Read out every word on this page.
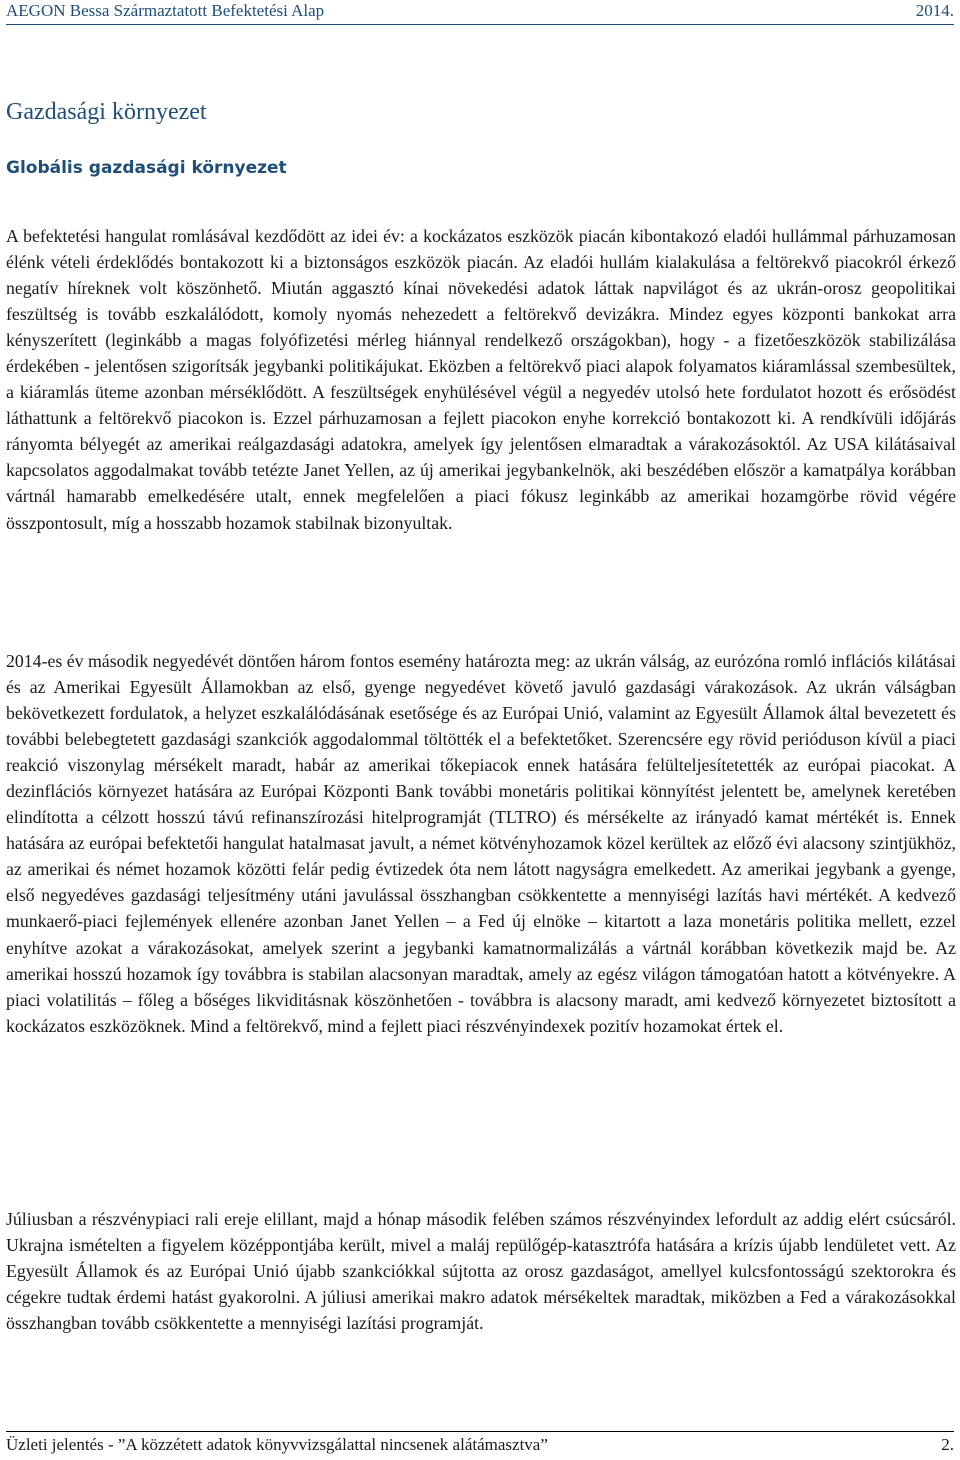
AEGON Bessa Származtatott Befektetési Alap	2014.
Gazdasági környezet
Globális gazdasági környezet

A befektetési hangulat romlásával kezdődött az idei év: a kockázatos eszközök piacán kibontakozó eladói hullámmal párhuzamosan élénk vételi érdeklődés bontakozott ki a biztonságos eszközök piacán. Az eladói hullám kialakulása a feltörekvő piacokról érkező negatív híreknek volt köszönhető. Miután aggasztó kínai növekedési adatok láttak napvilágot és az ukrán-orosz geopolitikai feszültség is tovább eszkalálódott, komoly nyomás nehezedett a feltörekvő devizákra. Mindez egyes központi bankokat arra kényszerített (leginkább a magas folyófizetési mérleg hiánnyal rendelkező országokban), hogy - a fizetőeszközök stabilizálása érdekében - jelentősen szigorítsák jegybanki politikájukat. Eközben a feltörekvő piaci alapok folyamatos kiáramlással szembesültek, a kiáramlás üteme azonban mérséklődött. A feszültségek enyhülésével végül a negyedév utolsó hete fordulatot hozott és erősödést láthattunk a feltörekvő piacokon is. Ezzel párhuzamosan a fejlett piacokon enyhe korrekció bontakozott ki. A rendkívüli időjárás rányomta bélyegét az amerikai reálgazdasági adatokra, amelyek így jelentősen elmaradtak a várakozásoktól. Az USA kilátásaival kapcsolatos aggodalmakat tovább tetézte Janet Yellen, az új amerikai jegybankelnök, aki beszédében először a kamatpálya korábban vártnál hamarabb emelkedésére utalt, ennek megfelelően a piaci fókusz leginkább az amerikai hozamgörbe rövid végére összpontosult, míg a hosszabb hozamok stabilnak bizonyultak.

2014-es év második negyedévét döntően három fontos esemény határozta meg: az ukrán válság, az eurózóna romló inflációs kilátásai és az Amerikai Egyesült Államokban az első, gyenge negyedévet követő javuló gazdasági várakozások. Az ukrán válságban bekövetkezett fordulatok, a helyzet eszkalálódásának esetősége és az Európai Unió, valamint az Egyesült Államok által bevezetett és további belebegtetett gazdasági szankciók aggodalommal töltötték el a befektetőket. Szerencsére egy rövid perióduson kívül a piaci reakció viszonylag mérsékelt maradt, habár az amerikai tőkepiacok ennek hatására felülteljesítetették az európai piacokat. A dezinflációs környezet hatására az Európai Központi Bank további monetáris politikai könnyítést jelentett be, amelynek keretében elindította a célzott hosszú távú refinanszírozási hitelprogramját (TLTRO) és mérsékelte az irányadó kamat mértékét is. Ennek hatására az európai befektetői hangulat hatalmasat javult, a német kötvényhozamok közel kerültek az előző évi alacsony szintjükhöz, az amerikai és német hozamok közötti felár pedig évtizedek óta nem látott nagyságra emelkedett. Az amerikai jegybank a gyenge, első negyedéves gazdasági teljesítmény utáni javulással összhangban csökkentette a mennyiségi lazítás havi mértékét. A kedvező munkaerő-piaci fejlemények ellenére azonban Janet Yellen – a Fed új elnöke – kitartott a laza monetáris politika mellett, ezzel enyhítve azokat a várakozásokat, amelyek szerint a jegybanki kamatnormalizálás a vártnál korábban következik majd be. Az amerikai hosszú hozamok így továbbra is stabilan alacsonyan maradtak, amely az egész világon támogatóan hatott a kötvényekre. A piaci volatilitás – főleg a bőséges likviditásnak köszönhetően - továbbra is alacsony maradt, ami kedvező környezetet biztosított a kockázatos eszközöknek. Mind a feltörekvő, mind a fejlett piaci részvényindexek pozitív hozamokat értek el.

Júliusban a részvénypiaci rali ereje elillant, majd a hónap második felében számos részvényindex lefordult az addig elért csúcsáról. Ukrajna ismételten a figyelem középpontjába került, mivel a maláj repülőgép-katasztrófa hatására a krízis újabb lendületet vett. Az Egyesült Államok és az Európai Unió újabb szankciókkal sújtotta az orosz gazdaságot, amellyel kulcsfontosságú szektorokra és cégekre tudtak érdemi hatást gyakorolni. A júliusi amerikai makro adatok mérsékeltek maradtak, miközben a Fed a várakozásokkal összhangban tovább csökkentette a mennyiségi lazítási programját.

Üzleti jelentés - ”A közzétett adatok könyvvizsgálattal nincsenek alátámasztva”	2.
